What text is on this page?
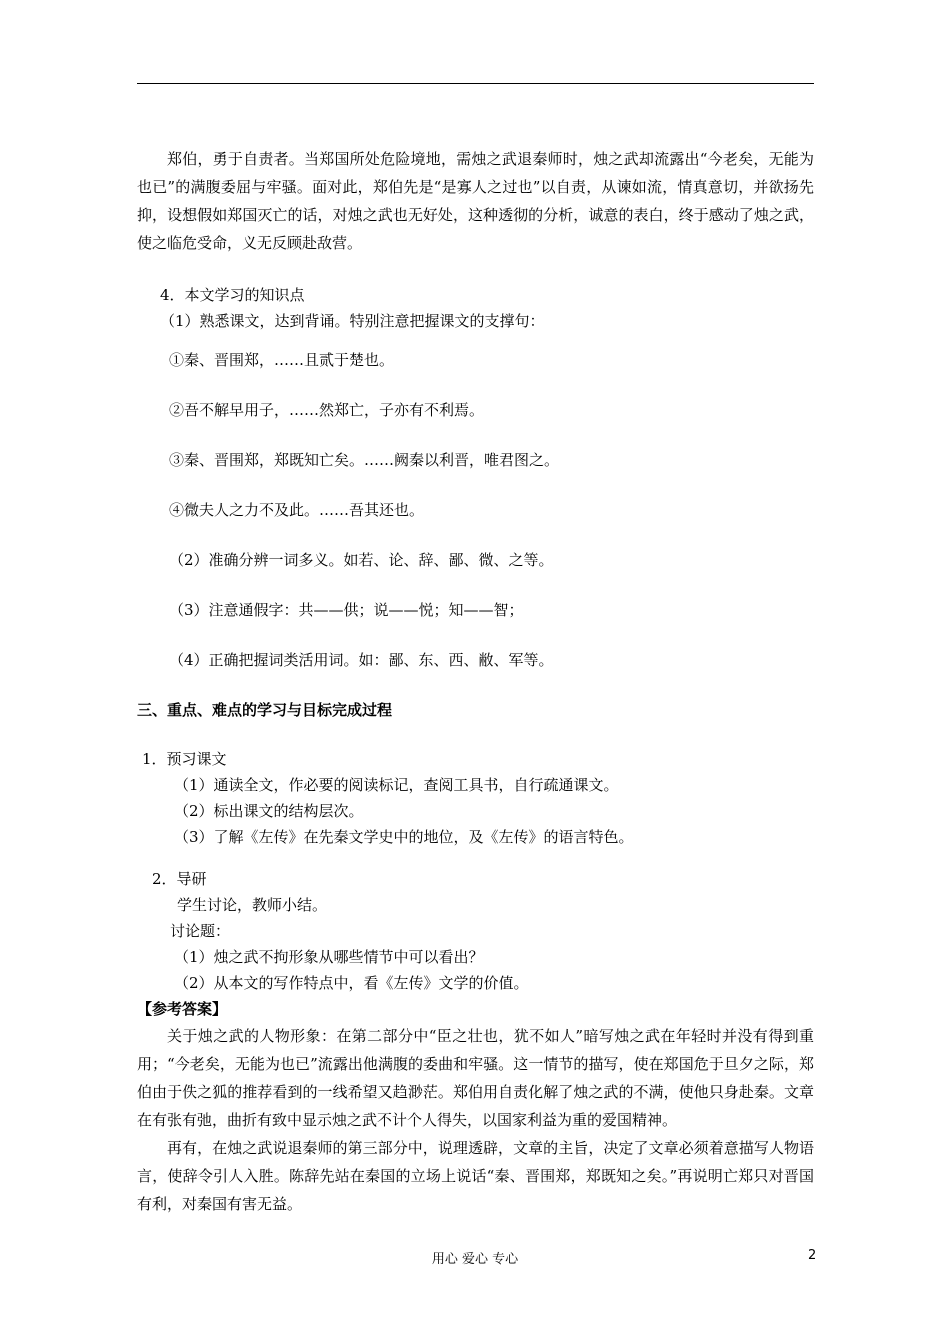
郑伯，勇于自责者。当郑国所处危险境地，需烛之武退秦师时，烛之武却流露出“今老矣，无能为也已”的满腹委屈与牢骚。面对此，郑伯先是“是寡人之过也”以自责，从谏如流，情真意切，并欲扬先抑，设想假如郑国灭亡的话，对烛之武也无好处，这种透彻的分析，诚意的表白，终于感动了烛之武，使之临危受命，义无反顾赴敌营。

4．本文学习的知识点

（1）熟悉课文，达到背诵。特别注意把握课文的支撑句：

①秦、晋围郑，……且贰于楚也。

②吾不解早用子，……然郑亡，子亦有不利焉。

③秦、晋围郑，郑既知亡矣。……阙秦以利晋，唯君图之。

④微夫人之力不及此。……吾其还也。

（2）准确分辨一词多义。如若、论、辞、鄙、微、之等。

（3）注意通假字：共——供；说——悦；知——智；

（4）正确把握词类活用词。如：鄙、东、西、敝、军等。

三、重点、难点的学习与目标完成过程

1．预习课文

（1）通读全文，作必要的阅读标记，查阅工具书，自行疏通课文。

（2）标出课文的结构层次。

（3）了解《左传》在先秦文学史中的地位，及《左传》的语言特色。

2．导研

学生讨论，教师小结。

讨论题：

（1）烛之武不拘形象从哪些情节中可以看出？

（2）从本文的写作特点中，看《左传》文学的价值。

【参考答案】

关于烛之武的人物形象：在第二部分中“臣之壮也，犹不如人”暗写烛之武在年轻时并没有得到重用；“今老矣，无能为也已”流露出他满腹的委曲和牢骚。这一情节的描写，使在郑国危于旦夕之际，郑伯由于佚之狐的推荐看到的一线希望又趋渺茫。郑伯用自责化解了烛之武的不满，使他只身赴秦。文章在有张有弛，曲折有致中显示烛之武不计个人得失，以国家利益为重的爱国精神。

再有，在烛之武说退秦师的第三部分中，说理透辟，文章的主旨，决定了文章必须着意描写人物语言，使辞令引人入胜。陈辞先站在秦国的立场上说话“秦、晋围郑，郑既知之矣。”再说明亡郑只对晋国有利，对秦国有害无益。

用心 爱心 专心	2
